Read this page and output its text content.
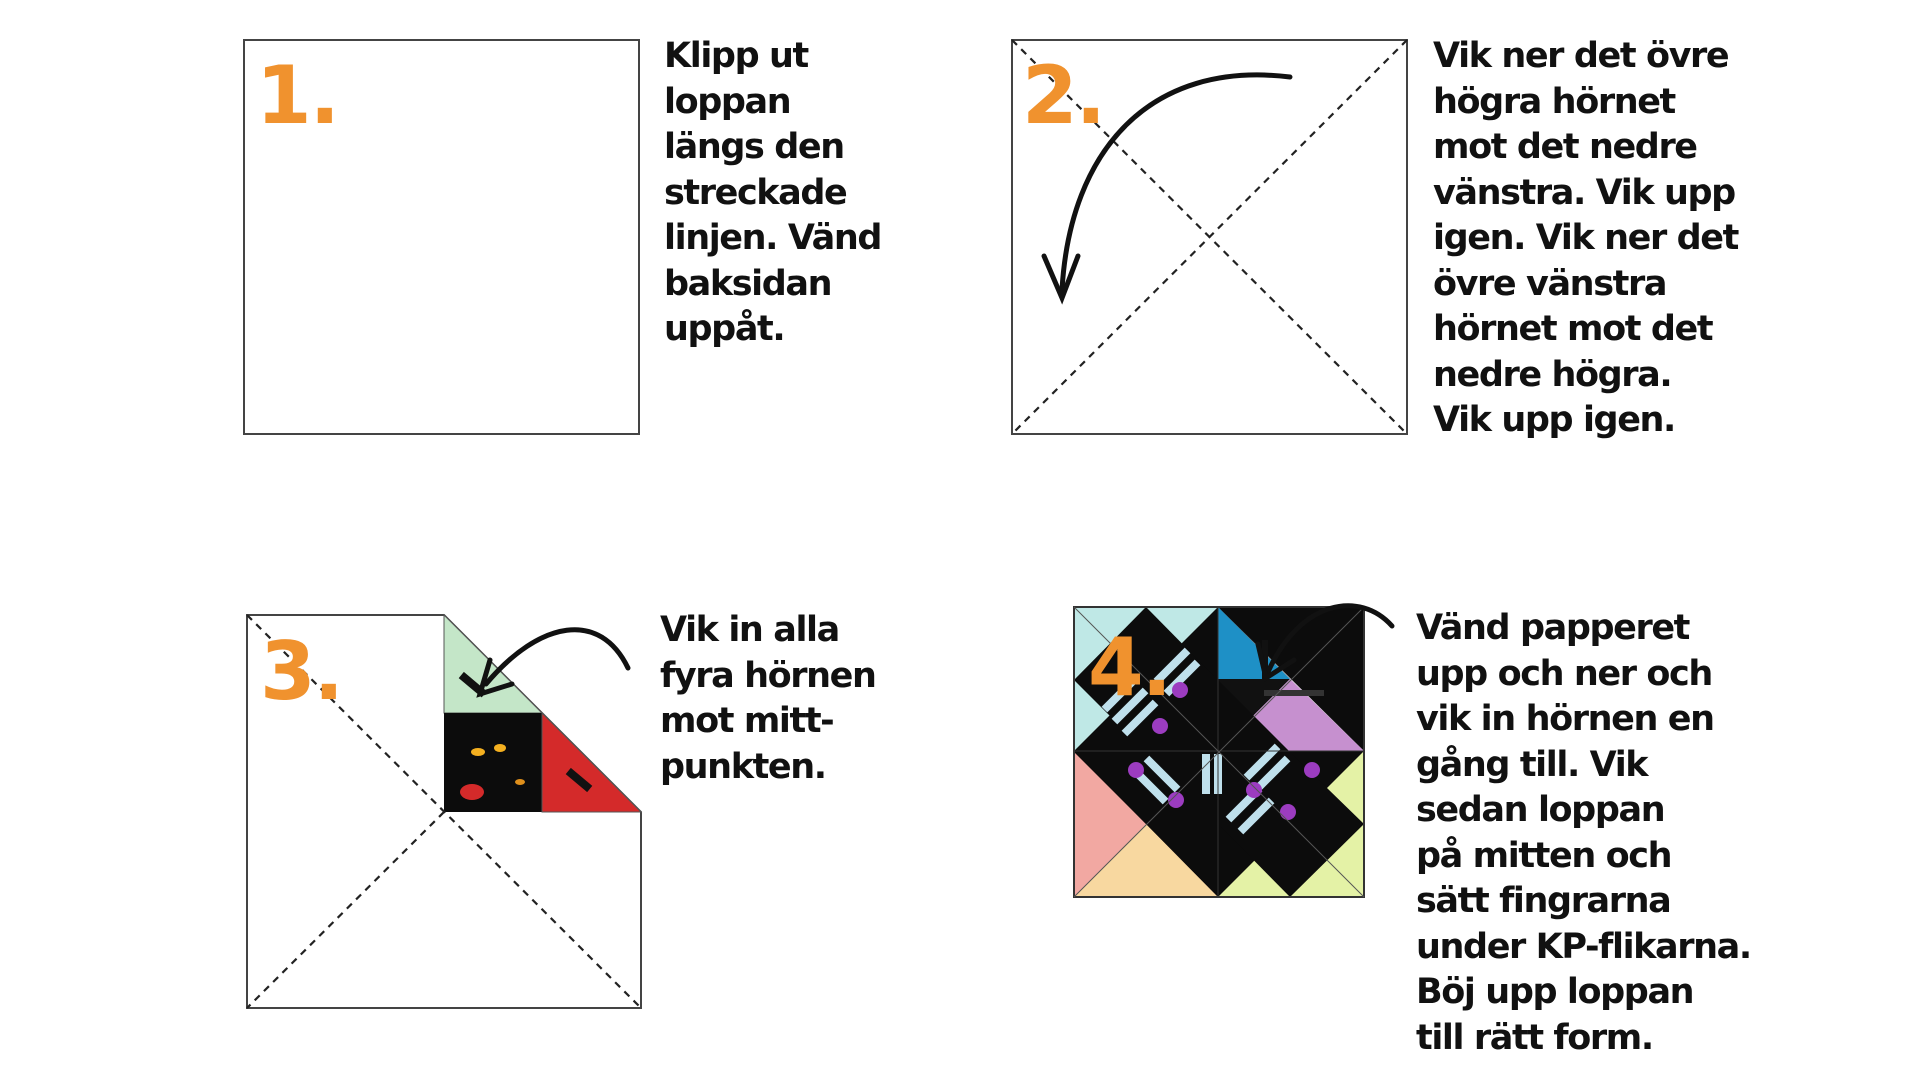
1.	Klipp ut
loppan
längs den
streckade
linjen. Vänd
baksidan
uppåt.

2.	Vik ner det övre
högra hörnet
mot det nedre
vänstra. Vik upp
igen. Vik ner det
övre vänstra
hörnet mot det
nedre högra.
Vik upp igen.

3.	Vik in alla
fyra hörnen
mot mitt-
punkten.

4.	Vänd papperet
upp och ner och
vik in hörnen en
gång till. Vik
sedan loppan
på mitten och
sätt fingrarna
under KP-flikarna.
Böj upp loppan
till rätt form.
